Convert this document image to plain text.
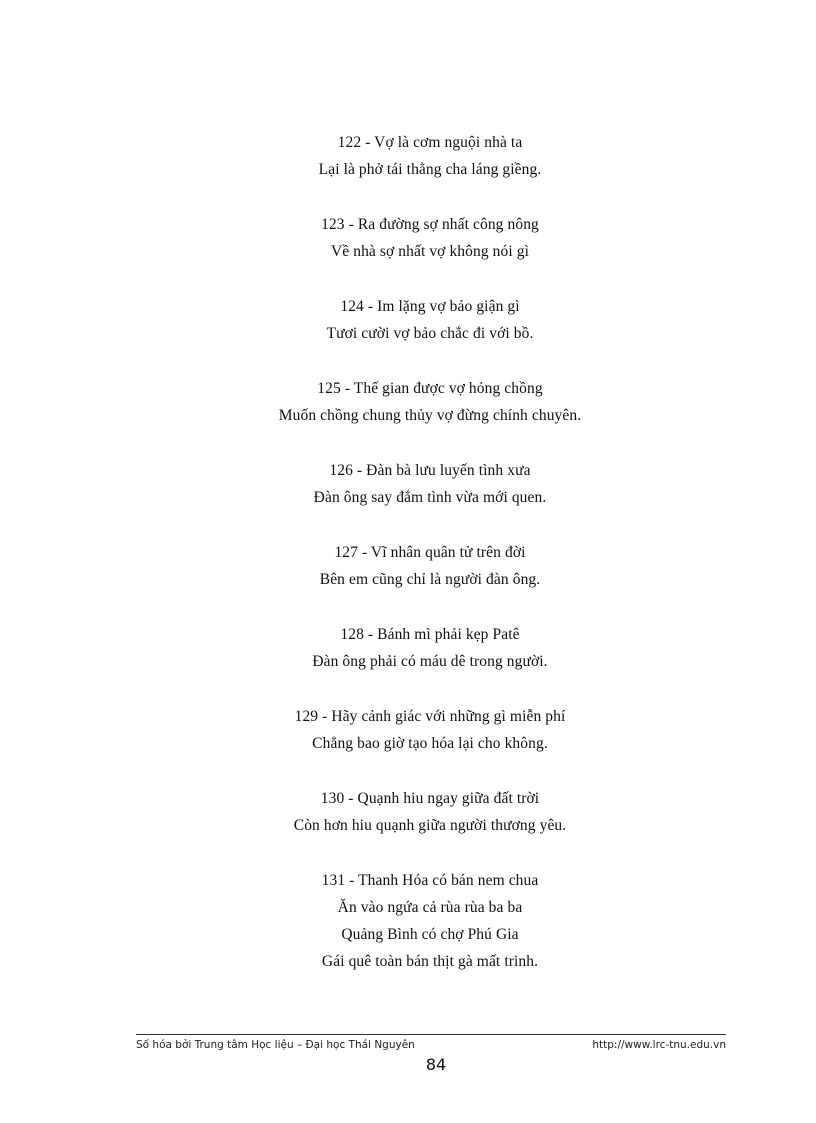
122 - Vợ là cơm nguội nhà ta
Lại là phở tái thằng cha láng giềng.
123 - Ra đường sợ nhất công nông
Về nhà sợ nhất vợ không nói gì
124 - Im lặng vợ bảo giận gì
Tươi cười vợ bảo chắc đi với bồ.
125 - Thế gian được vợ hỏng chồng
Muốn chồng chung thủy vợ đừng chính chuyên.
126 - Đàn bà lưu luyến tình xưa
Đàn ông say đắm tình vừa mới quen.
127 - Vĩ nhân quân tử trên đời
Bên em cũng chỉ là người đàn ông.
128 - Bánh mì phải kẹp Patê
Đàn ông phải có máu dê trong người.
129 - Hãy cảnh giác với những gì miễn phí
Chẳng bao giờ tạo hóa lại cho không.
130 - Quạnh hiu ngay giữa đất trời
Còn hơn hiu quạnh giữa người thương yêu.
131 - Thanh Hóa có bán nem chua
Ăn vào ngứa cả rùa rùa ba ba
Quảng Bình có chợ Phú Gia
Gái quê toàn bán thịt gà mất trinh.
Số hóa bởi Trung tâm Học liệu – Đại học Thái Nguyên	http://www.lrc-tnu.edu.vn
84
